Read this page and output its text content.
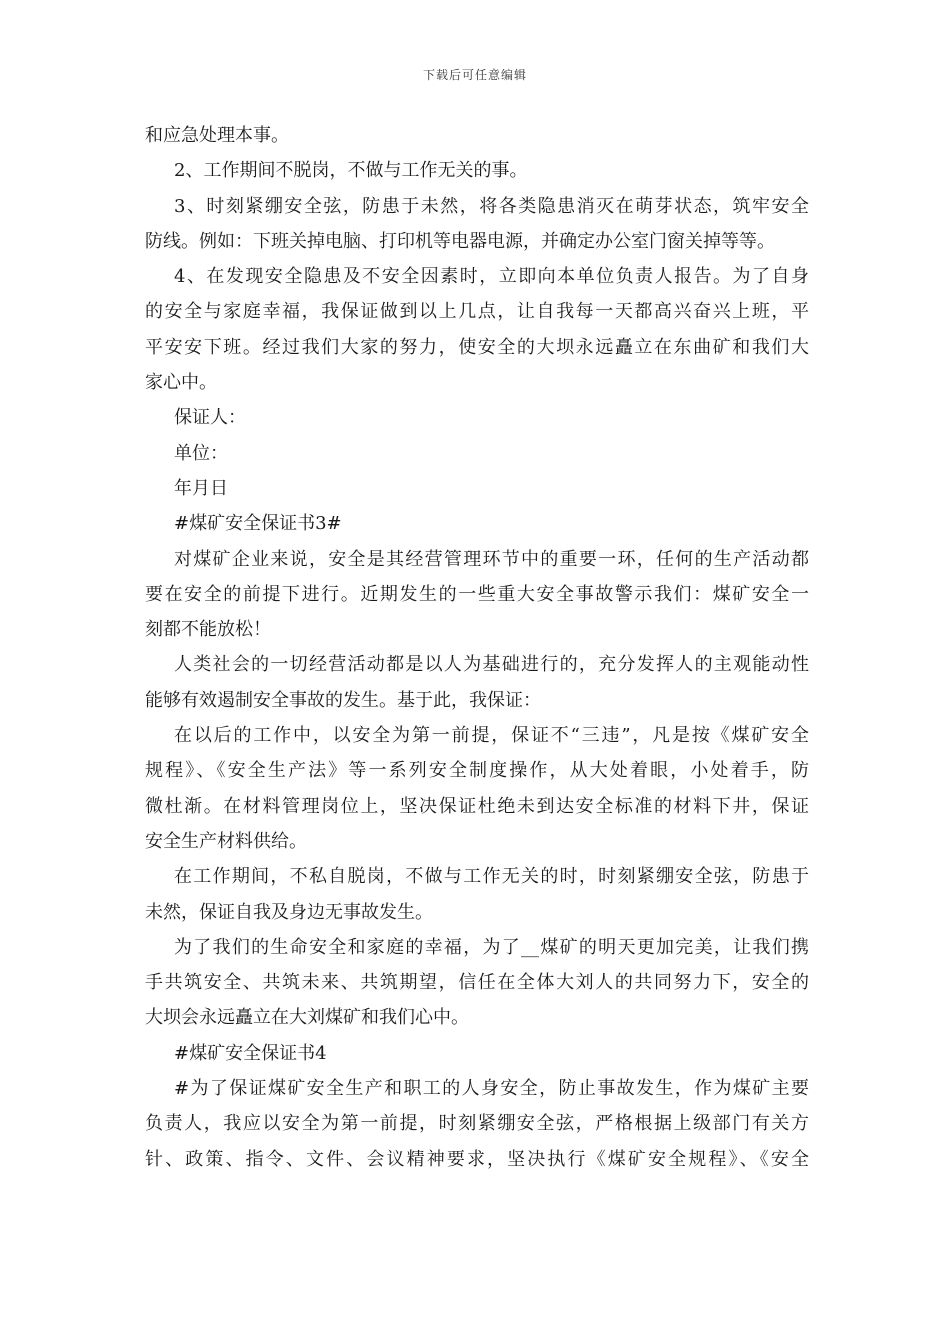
下载后可任意编辑

和应急处理本事。

2、工作期间不脱岗，不做与工作无关的事。

3、时刻紧绷安全弦，防患于未然，将各类隐患消灭在萌芽状态，筑牢安全
防线。例如：下班关掉电脑、打印机等电器电源，并确定办公室门窗关掉等等。

4、在发现安全隐患及不安全因素时，立即向本单位负责人报告。为了自身
的安全与家庭幸福，我保证做到以上几点，让自我每一天都高兴奋兴上班，平
平安安下班。经过我们大家的努力，使安全的大坝永远矗立在东曲矿和我们大
家心中。

保证人：

单位：

年月日

#煤矿安全保证书3#

对煤矿企业来说，安全是其经营管理环节中的重要一环，任何的生产活动都
要在安全的前提下进行。近期发生的一些重大安全事故警示我们：煤矿安全一
刻都不能放松！

人类社会的一切经营活动都是以人为基础进行的，充分发挥人的主观能动性
能够有效遏制安全事故的发生。基于此，我保证：

在以后的工作中，以安全为第一前提，保证不“三违”，凡是按《煤矿安全
规程》、《安全生产法》等一系列安全制度操作，从大处着眼，小处着手，防
微杜渐。在材料管理岗位上，坚决保证杜绝未到达安全标准的材料下井，保证
安全生产材料供给。

在工作期间，不私自脱岗，不做与工作无关的时，时刻紧绷安全弦，防患于
未然，保证自我及身边无事故发生。

为了我们的生命安全和家庭的幸福，为了__煤矿的明天更加完美，让我们携
手共筑安全、共筑未来、共筑期望，信任在全体大刘人的共同努力下，安全的
大坝会永远矗立在大刘煤矿和我们心中。

#煤矿安全保证书4

#为了保证煤矿安全生产和职工的人身安全，防止事故发生，作为煤矿主要
负责人，我应以安全为第一前提，时刻紧绷安全弦，严格根据上级部门有关方
针、政策、指令、文件、会议精神要求，坚决执行《煤矿安全规程》、《安全
